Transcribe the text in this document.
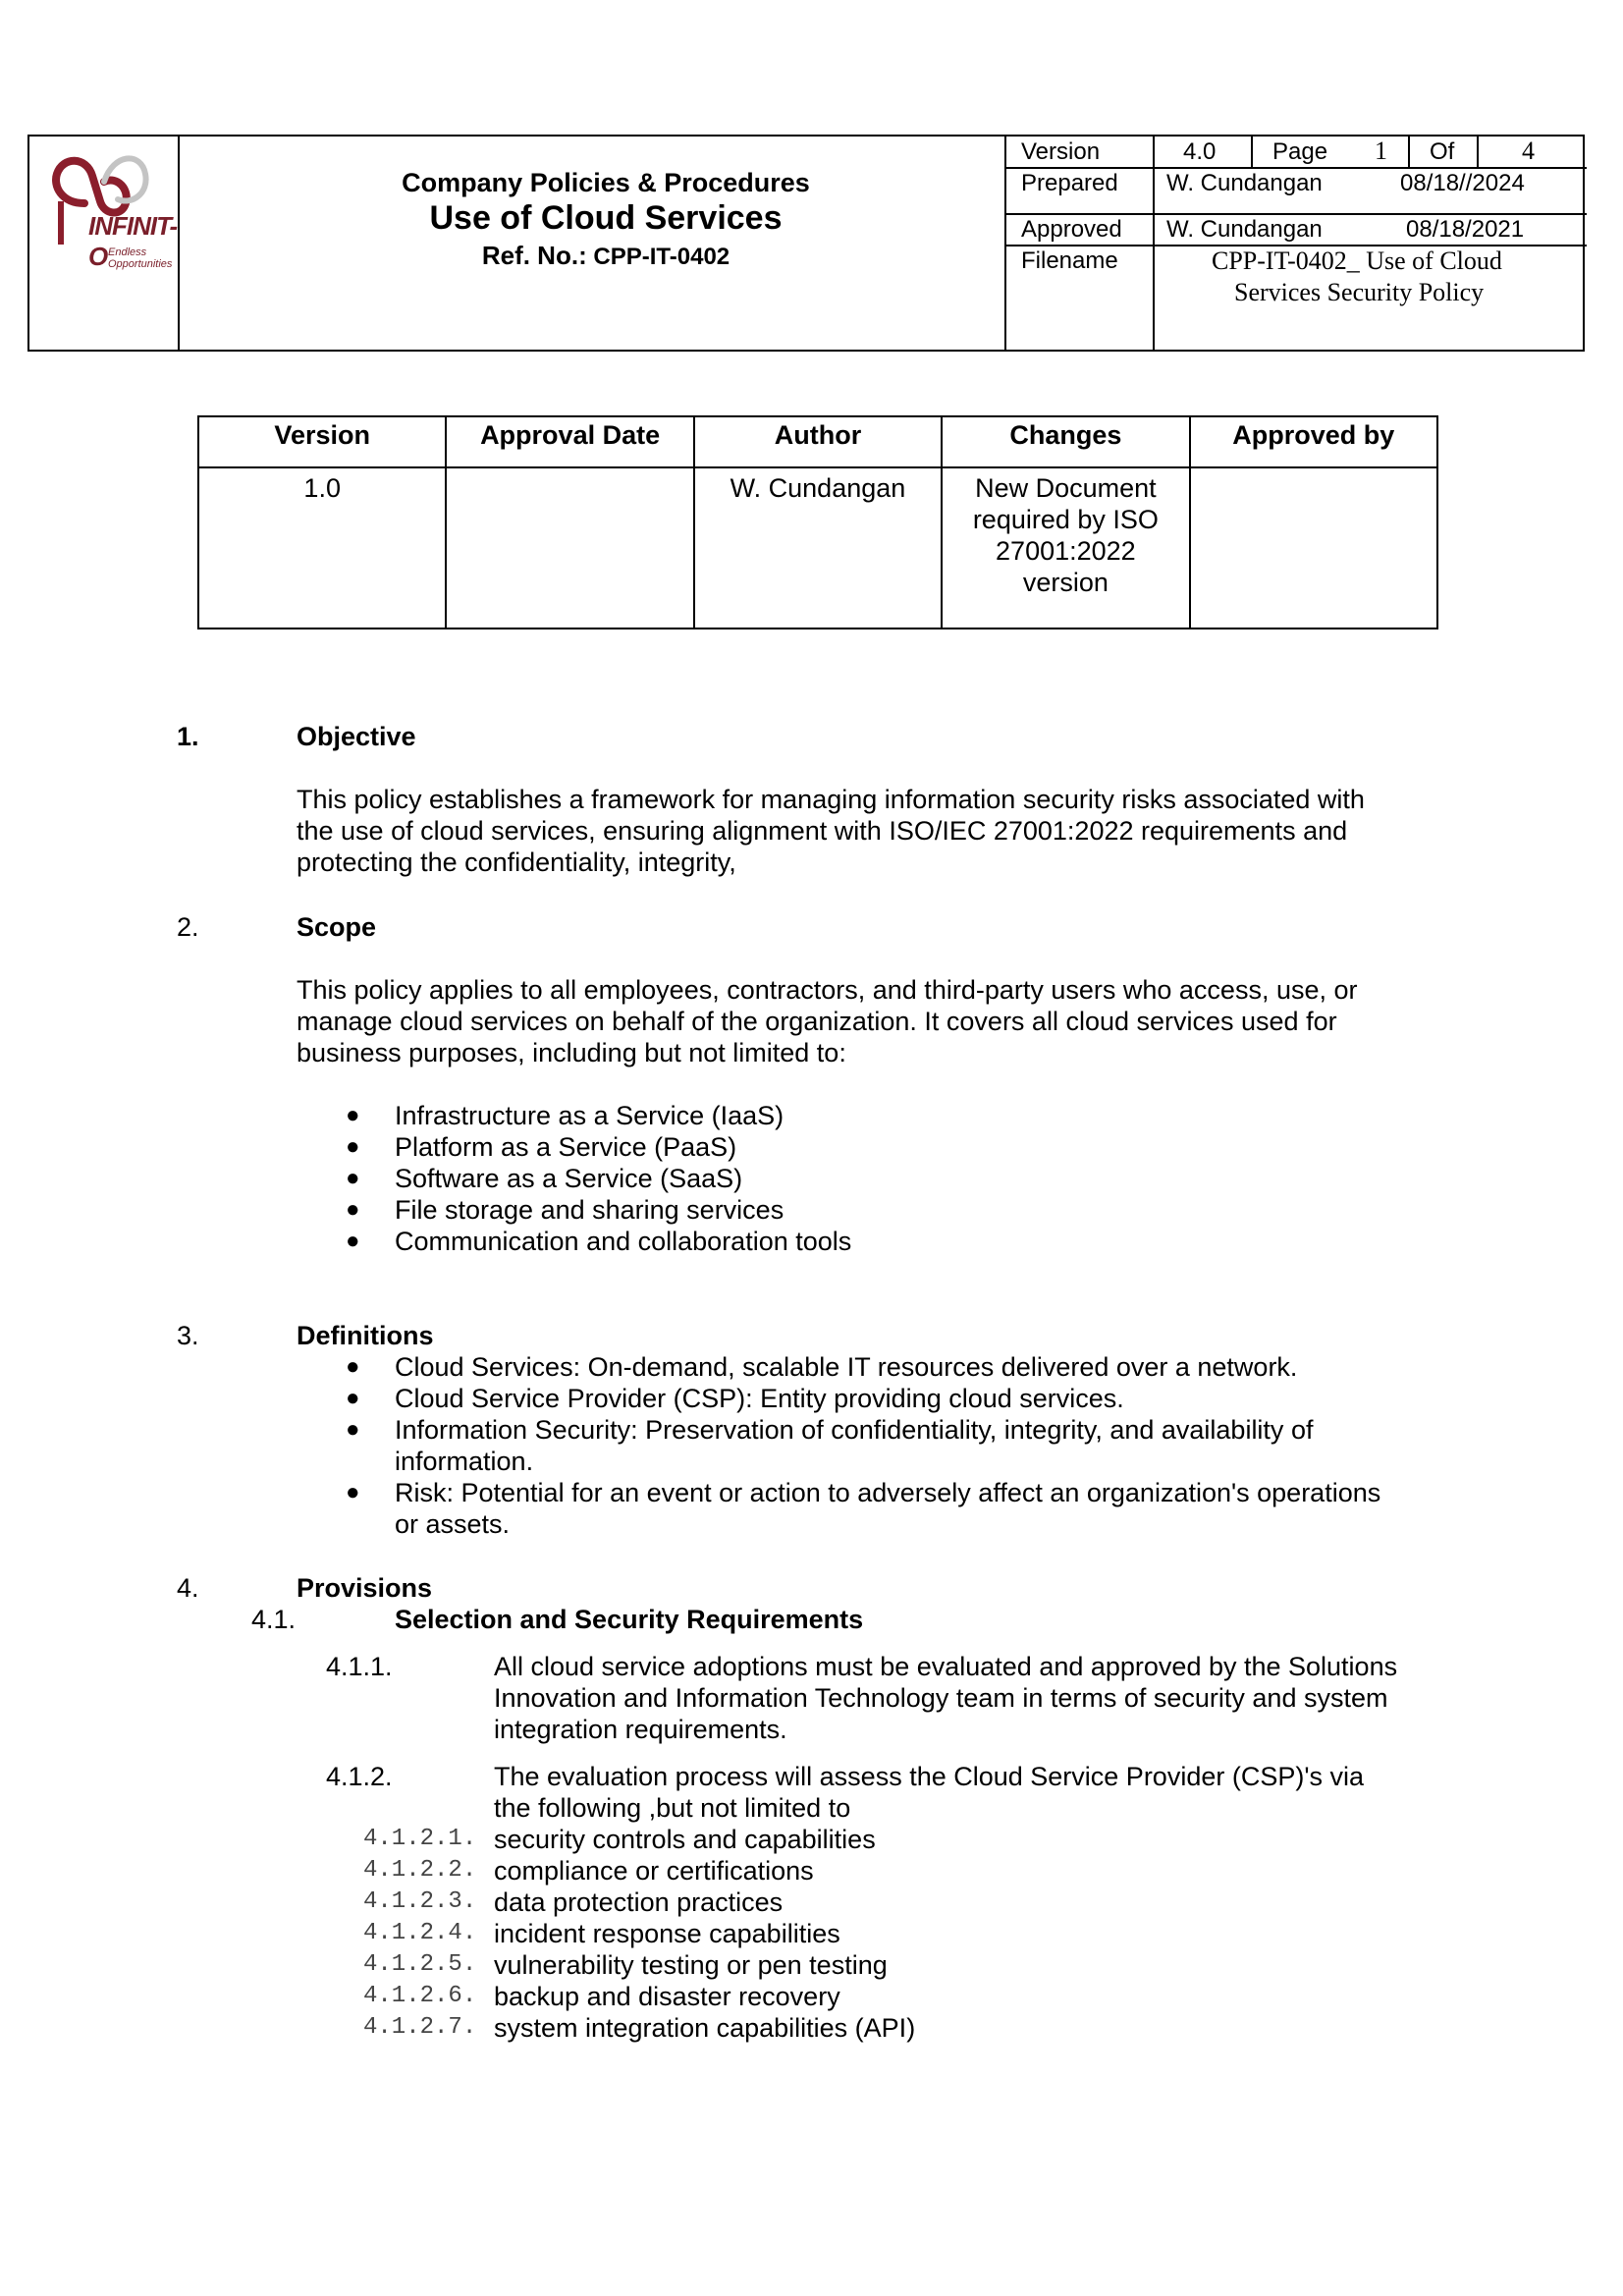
INFINIT-O Endless Opportunities
Company Policies & Procedures
Use of Cloud Services
Ref. No.: CPP-IT-0402
Version	4.0 Page 1 Of	4
Prepared W. Cundangan	08/18//2024
Approved W. Cundangan	08/18/2021
Filename	CPP-IT-0402_ Use of Cloud
Services Security Policy
Version	Approval Date	Author	Changes	Approved by
1.0		W. Cundangan	New Document
required by ISO
27001:2022
version	

1.	Objective
This policy establishes a framework for managing information security risks associated with
the use of cloud services, ensuring alignment with ISO/IEC 27001:2022 requirements and
protecting the confidentiality, integrity,
2.	Scope
This policy applies to all employees, contractors, and third-party users who access, use, or
manage cloud services on behalf of the organization. It covers all cloud services used for
business purposes, including but not limited to:
● Infrastructure as a Service (IaaS)
● Platform as a Service (PaaS)
● Software as a Service (SaaS)
● File storage and sharing services
● Communication and collaboration tools
3.	Definitions
● Cloud Services: On-demand, scalable IT resources delivered over a network.
● Cloud Service Provider (CSP): Entity providing cloud services.
● Information Security: Preservation of confidentiality, integrity, and availability of
information.
● Risk: Potential for an event or action to adversely affect an organization's operations
or assets.
4.	Provisions
4.1.	Selection and Security Requirements
4.1.1.	All cloud service adoptions must be evaluated and approved by the Solutions
Innovation and Information Technology team in terms of security and system
integration requirements.
4.1.2.	The evaluation process will assess the Cloud Service Provider (CSP)'s via
the following ,but not limited to
4.1.2.1. security controls and capabilities
4.1.2.2. compliance or certifications
4.1.2.3. data protection practices
4.1.2.4. incident response capabilities
4.1.2.5. vulnerability testing or pen testing
4.1.2.6. backup and disaster recovery
4.1.2.7. system integration capabilities (API)
